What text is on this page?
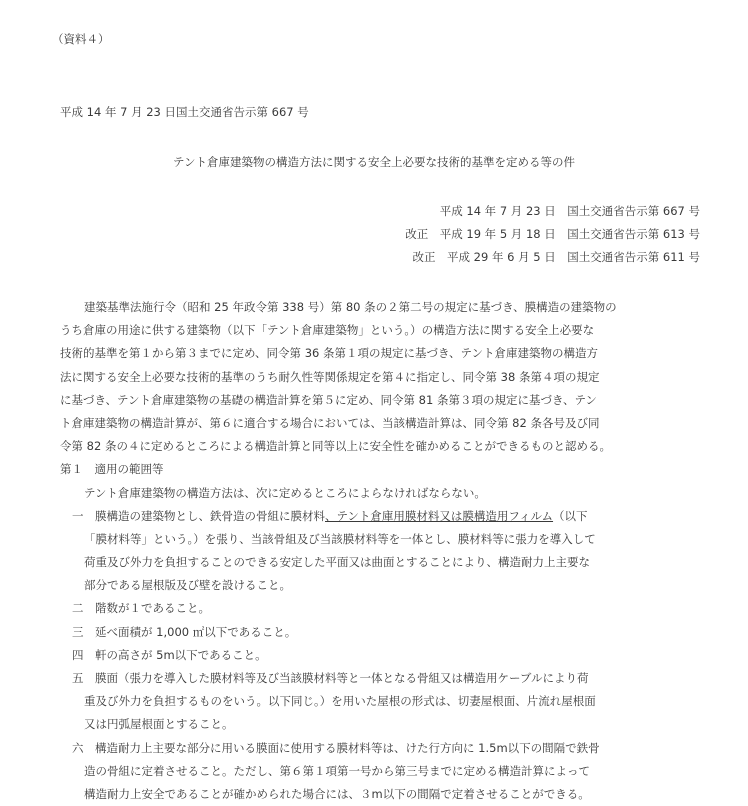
（資料４）
平成 14 年 7 月 23 日国土交通省告示第 667 号
テント倉庫建築物の構造方法に関する安全上必要な技術的基準を定める等の件
平成 14 年 7 月 23 日　国土交通省告示第 667 号
改正　平成 19 年 5 月 18 日　国土交通省告示第 613 号
改正　平成 29 年 6 月 5 日　国土交通省告示第 611 号
建築基準法施行令（昭和 25 年政令第 338 号）第 80 条の２第二号の規定に基づき、膜構造の建築物の
うち倉庫の用途に供する建築物（以下「テント倉庫建築物」という。）の構造方法に関する安全上必要な
技術的基準を第１から第３までに定め、同令第 36 条第１項の規定に基づき、テント倉庫建築物の構造方
法に関する安全上必要な技術的基準のうち耐久性等関係規定を第４に指定し、同令第 38 条第４項の規定
に基づき、テント倉庫建築物の基礎の構造計算を第５に定め、同令第 81 条第３項の規定に基づき、テン
ト倉庫建築物の構造計算が、第６に適合する場合においては、当該構造計算は、同令第 82 条各号及び同
令第 82 条の４に定めるところによる構造計算と同等以上に安全性を確かめることができるものと認める。
第１　適用の範囲等
テント倉庫建築物の構造方法は、次に定めるところによらなければならない。
一　膜構造の建築物とし、鉄骨造の骨組に膜材料、テント倉庫用膜材料又は膜構造用フィルム（以下
「膜材料等」という。）を張り、当該骨組及び当該膜材料等を一体とし、膜材料等に張力を導入して
荷重及び外力を負担することのできる安定した平面又は曲面とすることにより、構造耐力上主要な
部分である屋根版及び壁を設けること。
二　階数が１であること。
三　延べ面積が 1,000 ㎡以下であること。
四　軒の高さが 5m以下であること。
五　膜面（張力を導入した膜材料等及び当該膜材料等と一体となる骨組又は構造用ケーブルにより荷
重及び外力を負担するものをいう。以下同じ。）を用いた屋根の形式は、切妻屋根面、片流れ屋根面
又は円弧屋根面とすること。
六　構造耐力上主要な部分に用いる膜面に使用する膜材料等は、けた行方向に 1.5m以下の間隔で鉄骨
造の骨組に定着させること。ただし、第６第１項第一号から第三号までに定める構造計算によって
構造耐力上安全であることが確かめられた場合には、３m以下の間隔で定着させることができる。
